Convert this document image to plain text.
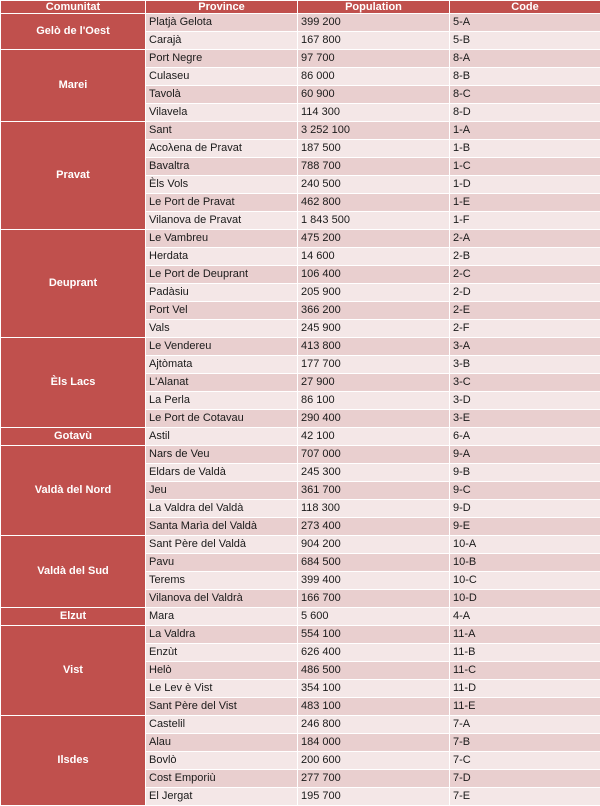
Comunitat	Province	Population	Code
Gelò de l'Oest	Platjà Gelota	399 200	5-A
	Carajà	167 800	5-B
Marei	Port Negre	97 700	8-A
	Culaseu	86 000	8-B
	Tavolà	60 900	8-C
	Vilavela	114 300	8-D
Pravat	Sant	3 252 100	1-A
	Acoλena de Pravat	187 500	1-B
	Bavaltra	788 700	1-C
	Èls Vols	240 500	1-D
	Le Port de Pravat	462 800	1-E
	Vilanova de Pravat	1 843 500	1-F
Deuprant	Le Vambreu	475 200	2-A
	Herdata	14 600	2-B
	Le Port de Deuprant	106 400	2-C
	Padàsiu	205 900	2-D
	Port Vel	366 200	2-E
	Vals	245 900	2-F
Èls Lacs	Le Vendereu	413 800	3-A
	Ajtòmata	177 700	3-B
	L'Alanat	27 900	3-C
	La Perla	86 100	3-D
	Le Port de Cotavau	290 400	3-E
Gotavù	Astil	42 100	6-A
Valdà del Nord	Nars de Veu	707 000	9-A
	Eldars de Valdà	245 300	9-B
	Jeu	361 700	9-C
	La Valdra del Valdà	118 300	9-D
	Santa Marìa del Valdà	273 400	9-E
Valdà del Sud	Sant Père del Valdà	904 200	10-A
	Pavu	684 500	10-B
	Terems	399 400	10-C
	Vilanova del Valdrà	166 700	10-D
Elzut	Mara	5 600	4-A
Vist	La Valdra	554 100	11-A
	Enzùt	626 400	11-B
	Helò	486 500	11-C
	Le Lev è Vist	354 100	11-D
	Sant Père del Vist	483 100	11-E
Ilsdes	Castelil	246 800	7-A
	Alau	184 000	7-B
	Bovlò	200 600	7-C
	Cost Emporiù	277 700	7-D
	El Jergat	195 700	7-E
